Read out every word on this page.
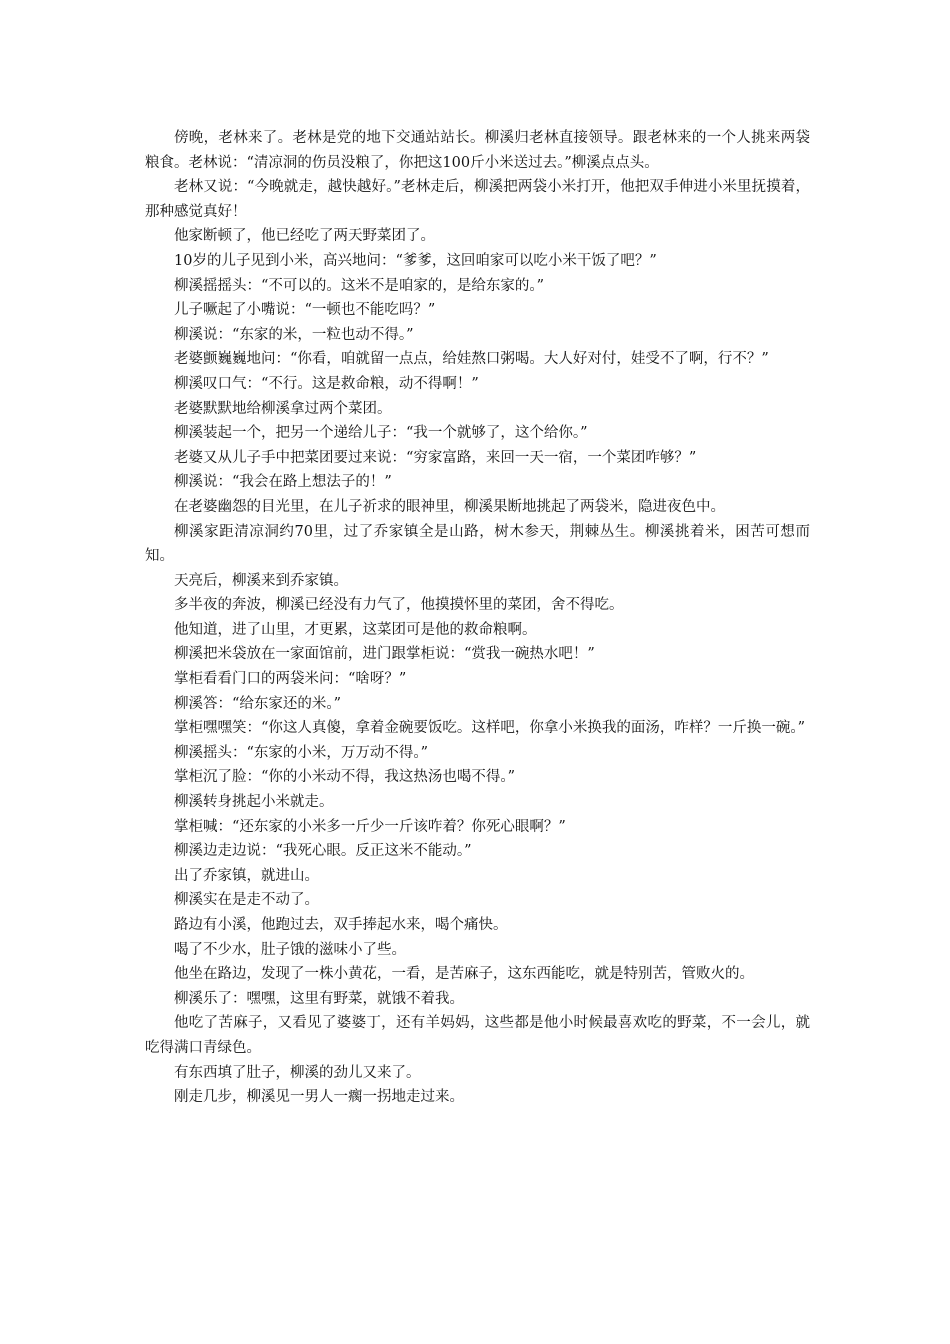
傍晚，老林来了。老林是党的地下交通站站长。柳溪归老林直接领导。跟老林来的一个人挑来两袋粮食。老林说：“清凉洞的伤员没粮了，你把这100斤小米送过去。”柳溪点点头。

老林又说：“今晚就走，越快越好。”老林走后，柳溪把两袋小米打开，他把双手伸进小米里抚摸着，那种感觉真好！

他家断顿了，他已经吃了两天野菜团了。

10岁的儿子见到小米，高兴地问：“爹爹，这回咱家可以吃小米干饭了吧？”

柳溪摇摇头：“不可以的。这米不是咱家的，是给东家的。”

儿子噘起了小嘴说：“一顿也不能吃吗？”

柳溪说：“东家的米，一粒也动不得。”

老婆颤巍巍地问：“你看，咱就留一点点，给娃熬口粥喝。大人好对付，娃受不了啊，行不？”

柳溪叹口气：“不行。这是救命粮，动不得啊！”

老婆默默地给柳溪拿过两个菜团。

柳溪装起一个，把另一个递给儿子：“我一个就够了，这个给你。”

老婆又从儿子手中把菜团要过来说：“穷家富路，来回一天一宿，一个菜团咋够？”

柳溪说：“我会在路上想法子的！”

在老婆幽怨的目光里，在儿子祈求的眼神里，柳溪果断地挑起了两袋米，隐进夜色中。

柳溪家距清凉洞约70里，过了乔家镇全是山路，树木参天，荆棘丛生。柳溪挑着米，困苦可想而知。

天亮后，柳溪来到乔家镇。

多半夜的奔波，柳溪已经没有力气了，他摸摸怀里的菜团，舍不得吃。

他知道，进了山里，才更累，这菜团可是他的救命粮啊。

柳溪把米袋放在一家面馆前，进门跟掌柜说：“赏我一碗热水吧！”

掌柜看看门口的两袋米问：“啥呀？”

柳溪答：“给东家还的米。”

掌柜嘿嘿笑：“你这人真傻，拿着金碗要饭吃。这样吧，你拿小米换我的面汤，咋样？一斤换一碗。”

柳溪摇头：“东家的小米，万万动不得。”

掌柜沉了脸：“你的小米动不得，我这热汤也喝不得。”

柳溪转身挑起小米就走。

掌柜喊：“还东家的小米多一斤少一斤该咋着？你死心眼啊？”

柳溪边走边说：“我死心眼。反正这米不能动。”

出了乔家镇，就进山。

柳溪实在是走不动了。

路边有小溪，他跑过去，双手捧起水来，喝个痛快。

喝了不少水，肚子饿的滋味小了些。

他坐在路边，发现了一株小黄花，一看，是苦麻子，这东西能吃，就是特别苦，管败火的。

柳溪乐了：嘿嘿，这里有野菜，就饿不着我。

他吃了苦麻子，又看见了婆婆丁，还有羊妈妈，这些都是他小时候最喜欢吃的野菜，不一会儿，就吃得满口青绿色。

有东西填了肚子，柳溪的劲儿又来了。

刚走几步，柳溪见一男人一瘸一拐地走过来。
